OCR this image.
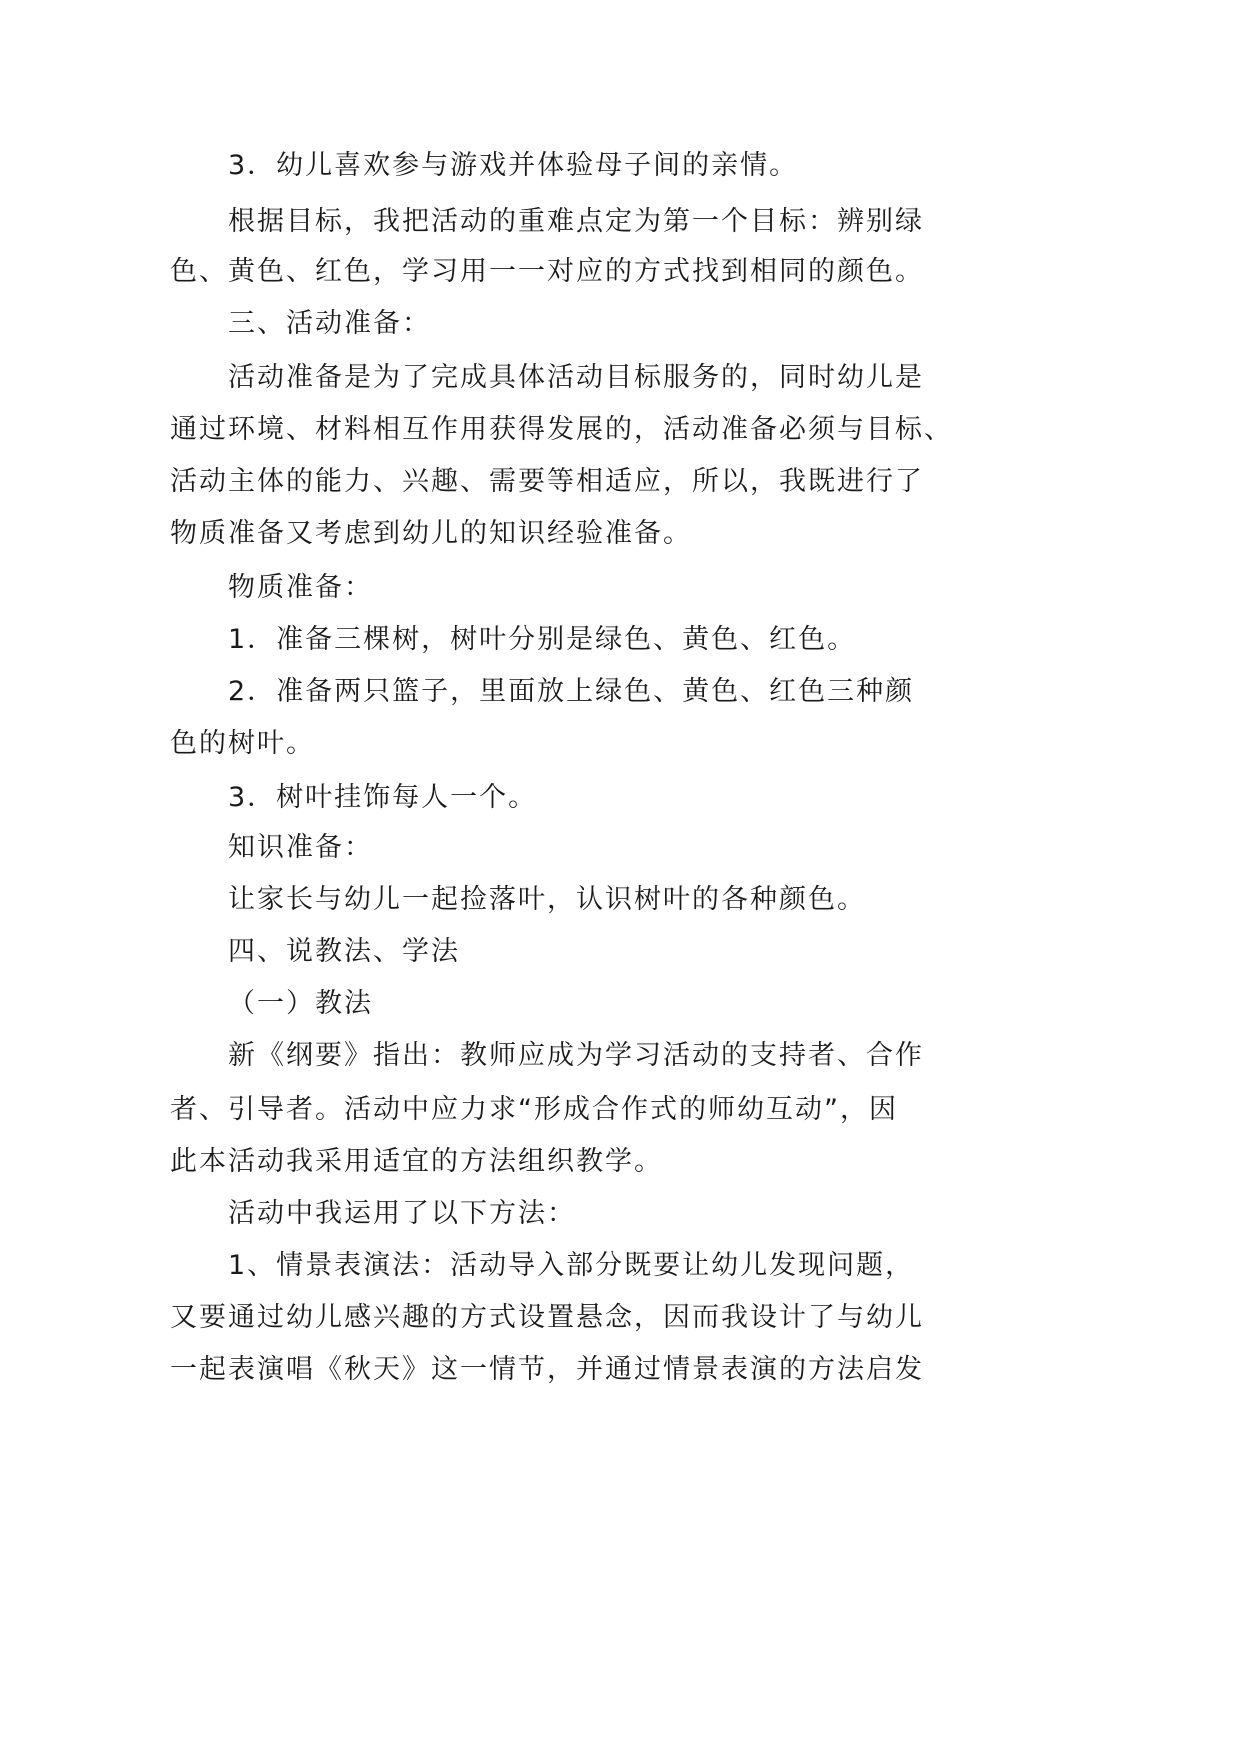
3．幼儿喜欢参与游戏并体验母子间的亲情。

根据目标，我把活动的重难点定为第一个目标：辨别绿

色、黄色、红色，学习用一一对应的方式找到相同的颜色。

三、活动准备：

活动准备是为了完成具体活动目标服务的，同时幼儿是

通过环境、材料相互作用获得发展的，活动准备必须与目标、

活动主体的能力、兴趣、需要等相适应，所以，我既进行了

物质准备又考虑到幼儿的知识经验准备。

物质准备：

1．准备三棵树，树叶分别是绿色、黄色、红色。

2．准备两只篮子，里面放上绿色、黄色、红色三种颜

色的树叶。

3．树叶挂饰每人一个。

知识准备：

让家长与幼儿一起捡落叶，认识树叶的各种颜色。

四、说教法、学法

（一）教法

新《纲要》指出：教师应成为学习活动的支持者、合作

者、引导者。活动中应力求“形成合作式的师幼互动”，因

此本活动我采用适宜的方法组织教学。

活动中我运用了以下方法：

1、情景表演法：活动导入部分既要让幼儿发现问题，

又要通过幼儿感兴趣的方式设置悬念，因而我设计了与幼儿

一起表演唱《秋天》这一情节，并通过情景表演的方法启发
